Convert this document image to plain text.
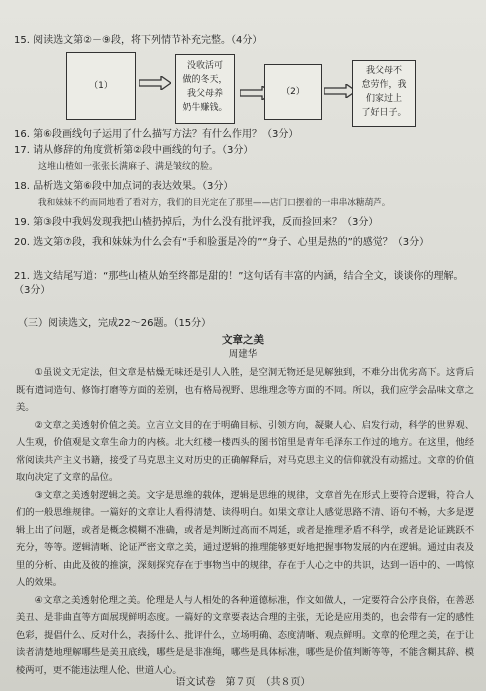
15. 阅读选文第②－⑨段，将下列情节补充完整。（4分）
（1）
没收活可
做的冬天，
我父母养
奶牛赚钱。
（2）
我父母不
怠劳作，我
们家过上
了好日子。
16. 第⑥段画线句子运用了什么描写方法？有什么作用？（3分）
17. 请从修辞的角度赏析第②段中画线的句子。（3分）
这堆山楂如一张张长满麻子、满是皱纹的脸。
18. 品析选文第⑥段中加点词的表达效果。（3分）
我和妹妹不约而同地看了看对方，我们的目光定在了那里——店门口摆着的一串串冰糖葫芦。
19. 第③段中我妈发现我把山楂扔掉后，为什么没有批评我，反而捡回来？（3分）
20. 选文第⑦段，我和妹妹为什么会有“手和脸蛋是冷的”“身子、心里是热的”的感觉？（3分）
21. 选文结尾写道：“那些山楂从始至终都是甜的！”这句话有丰富的内涵，结合全文，谈谈你的理解。（3分）
（三）阅读选文，完成22～26题。（15分）
文章之美
周建华

①虽说文无定法，但文章是枯燥无味还是引人入胜，是空洞无物还是见解独到，不难分出优劣高下。这背后既有遣词造句、修饰打磨等方面的差别，也有格局视野、思维理念等方面的不同。所以，我们应学会品味文章之美。

②文章之美透射价值之美。立言立文目的在于明确目标、引领方向，凝聚人心、启发行动，科学的世界观、人生观，价值观是文章生命力的内核。北大红楼一楼西头的图书馆里是青年毛泽东工作过的地方。在这里，他经常阅读共产主义书籍，接受了马克思主义对历史的正确解释后，对马克思主义的信仰就没有动摇过。文章的价值取向决定了文章的品位。

③文章之美透射逻辑之美。文字是思维的载体，逻辑是思维的规律，文章首先在形式上要符合逻辑，符合人们的一般思维规律。一篇好的文章让人看得清楚、读得明白。如果文章让人感觉思路不清、语句不畅，大多是逻辑上出了问题，或者是概念模糊不准确，或者是判断过高而不周延，或者是推理矛盾不科学，或者是论证跳跃不充分，等等。逻辑清晰、论证严密文章之美，通过逻辑的推理能够更好地把握事物发展的内在逻辑。通过由表及里的分析、由此及彼的推演，深刻探究存在于事物当中的规律，存在于人心之中的共识，达到一语中的、一鸣惊人的效果。

④文章之美透射伦理之美。伦理是人与人相处的各种道德标准，作文如做人，一定要符合公序良俗，在善恶美丑、是非曲直等方面展现鲜明态度。一篇好的文章要表达合理的主张，无论是应用类的，也会带有一定的感性色彩，提倡什么、反对什么，表扬什么、批评什么，立场明确、态度清晰、观点鲜明。文章的伦理之美，在于让读者清楚地理解哪些是美丑底线，哪些是是非准绳，哪些是具体标准，哪些是价值判断等等，不能含糊其辞、模棱两可，更不能违法理人伦、世道人心。

语文试卷　第７页　（共８页）
